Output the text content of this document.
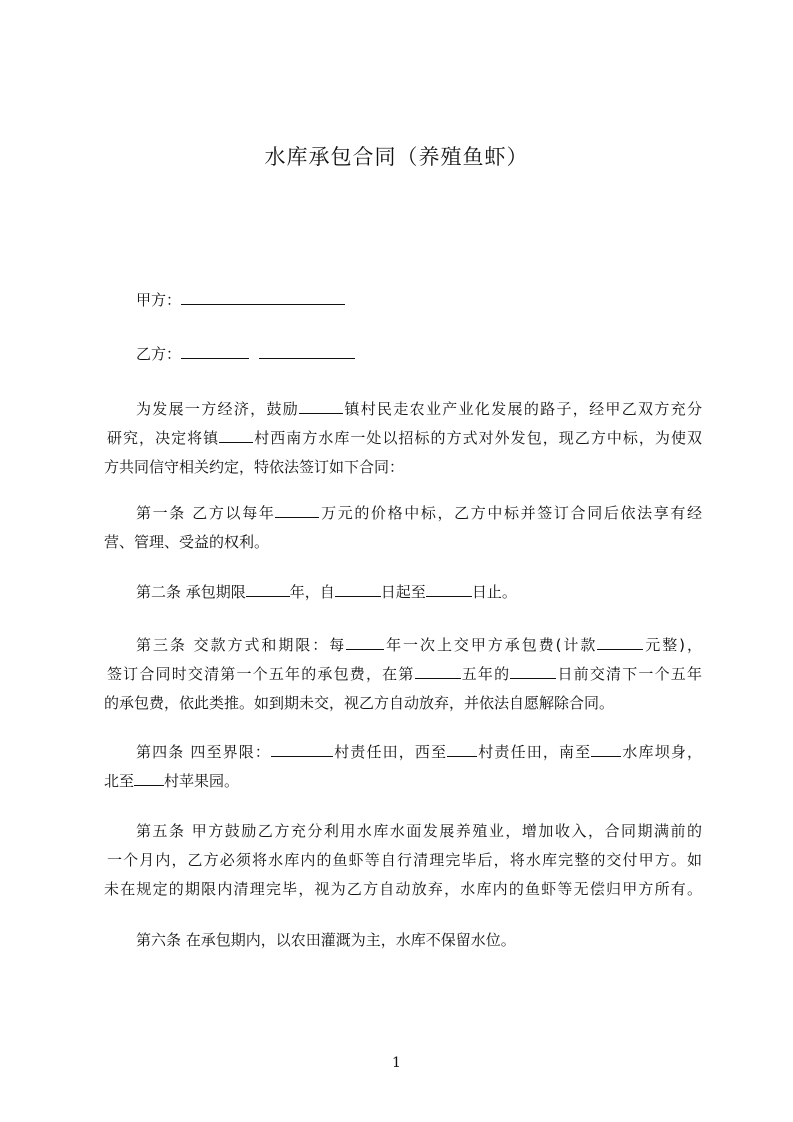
水库承包合同（养殖鱼虾）

甲方：

乙方：

为发展一方经济，鼓励	镇村民走农业产业化发展的路子，经甲乙双方充分
研究，决定将镇 村西南方水库一处以招标的方式对外发包，现乙方中标，为使双
方共同信守相关约定，特依法签订如下合同：

第一条 乙方以每年	万元的价格中标，乙方中标并签订合同后依法享有经
营、管理、受益的权利。

第二条 承包期限	年，自	日起至	日止。

第三条 交款方式和期限：每	年一次上交甲方承包费(计款	元整)，
签订合同时交清第一个五年的承包费，在第	五年的	日前交清下一个五年
的承包费，依此类推。如到期未交，视乙方自动放弃，并依法自愿解除合同。

第四条 四至界限：	村责任田，西至 村责任田，南至 水库坝身，
北至 村苹果园。

第五条 甲方鼓励乙方充分利用水库水面发展养殖业，增加收入，合同期满前的
一个月内，乙方必须将水库内的鱼虾等自行清理完毕后，将水库完整的交付甲方。如
未在规定的期限内清理完毕，视为乙方自动放弃，水库内的鱼虾等无偿归甲方所有。

第六条 在承包期内，以农田灌溉为主，水库不保留水位。

1
